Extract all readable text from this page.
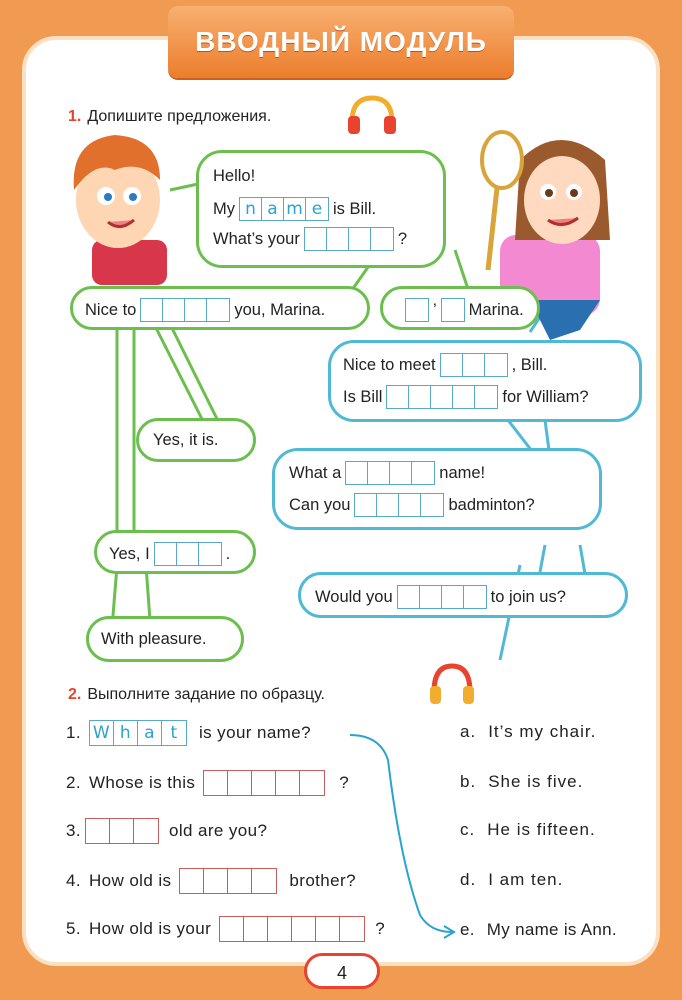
ВВОДНЫЙ МОДУЛЬ
1. Допишите предложения.
Hello!
My n a m e is Bill.
What’s your	?
Nice to	you, Marina.	’ Marina.
Nice to meet	, Bill.
Is Bill	for William?
Yes, it is.
What a	name!
Can you	badminton?
Yes, I	.
Would you	to join us?
With pleasure.
2. Выполните задание по образцу.
1. W h a t	is your name?
2. Whose is this	?
3.	old are you?
4. How old is	brother?
5. How old is your	?
a. It’s my chair.
b. She is five.
c. He is fifteen.
d. I am ten.
e. My name is Ann.
4
